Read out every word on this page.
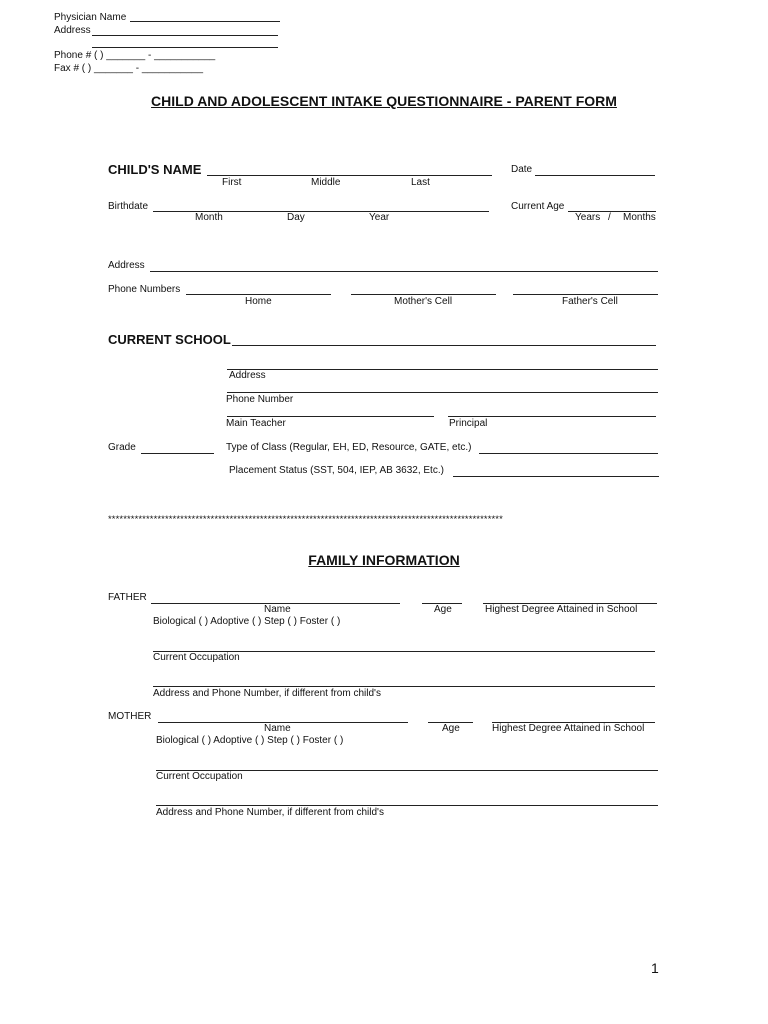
Physician Name
Address
Phone # ( ) _______ - ___________
Fax # ( ) _______ - ___________
CHILD AND ADOLESCENT INTAKE QUESTIONNAIRE - PARENT FORM
CHILD'S NAME
First	Middle	Last
Date
Birthdate
Month	Day	Year
Current Age
Years / Months
Address
Phone Numbers
Home	Mother's Cell	Father's Cell
CURRENT SCHOOL
Address
Phone Number
Main Teacher	Principal
Grade	Type of Class (Regular, EH, ED, Resource, GATE, etc.)
Placement Status (SST, 504, IEP, AB 3632, Etc.)
********************************************************************************************************
FAMILY INFORMATION
FATHER
Name	Age	Highest Degree Attained in School
Biological ( ) Adoptive ( ) Step ( ) Foster ( )
Current Occupation
Address and Phone Number, if different from child's
MOTHER
Name	Age	Highest Degree Attained in School
Biological ( ) Adoptive ( ) Step ( ) Foster ( )
Current Occupation
Address and Phone Number, if different from child's
1
